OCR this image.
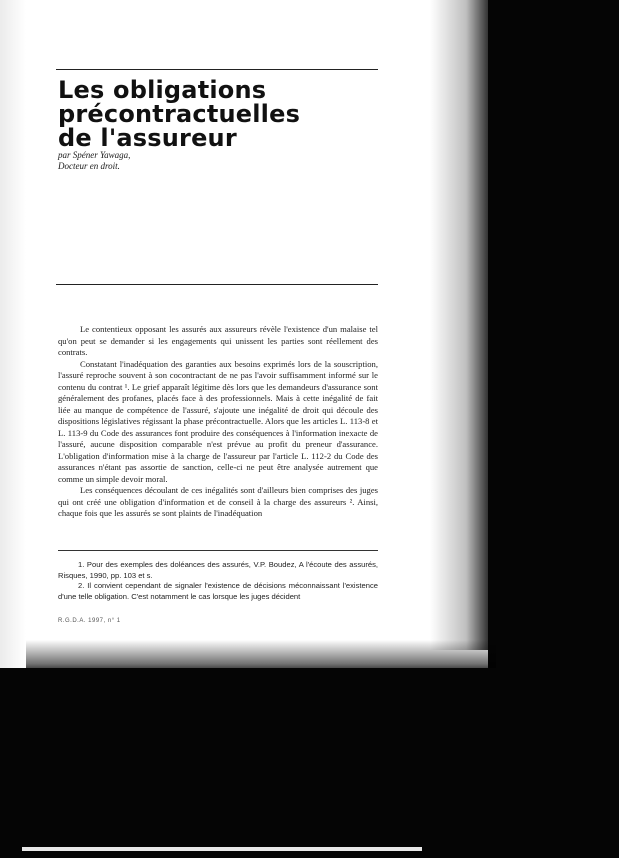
Les obligations
précontractuelles
de l'assureur
par Spéner Yawaga,
Docteur en droit.

Le contentieux opposant les assurés aux assureurs révèle l'existence d'un malaise tel qu'on peut se demander si les engagements qui unissent les parties sont réellement des contrats.

Constatant l'inadéquation des garanties aux besoins exprimés lors de la souscription, l'assuré reproche souvent à son cocontractant de ne pas l'avoir suffisamment informé sur le contenu du contrat ¹. Le grief apparaît légitime dès lors que les demandeurs d'assurance sont généralement des profanes, placés face à des professionnels. Mais à cette inégalité de fait liée au manque de compétence de l'assuré, s'ajoute une inégalité de droit qui découle des dispositions législatives régissant la phase précontractuelle. Alors que les articles L. 113-8 et L. 113-9 du Code des assurances font produire des conséquences à l'information inexacte de l'assuré, aucune disposition comparable n'est prévue au profit du preneur d'assurance. L'obligation d'information mise à la charge de l'assureur par l'article L. 112-2 du Code des assurances n'étant pas assortie de sanction, celle-ci ne peut être analysée autrement que comme un simple devoir moral.

Les conséquences découlant de ces inégalités sont d'ailleurs bien comprises des juges qui ont créé une obligation d'information et de conseil à la charge des assureurs ². Ainsi, chaque fois que les assurés se sont plaints de l'inadéquation

1. Pour des exemples des doléances des assurés, V.P. Boudez, A l'écoute des assurés, Risques, 1990, pp. 103 et s.

2. Il convient cependant de signaler l'existence de décisions méconnaissant l'existence d'une telle obligation. C'est notamment le cas lorsque les juges décident

R.G.D.A. 1997, n° 1
